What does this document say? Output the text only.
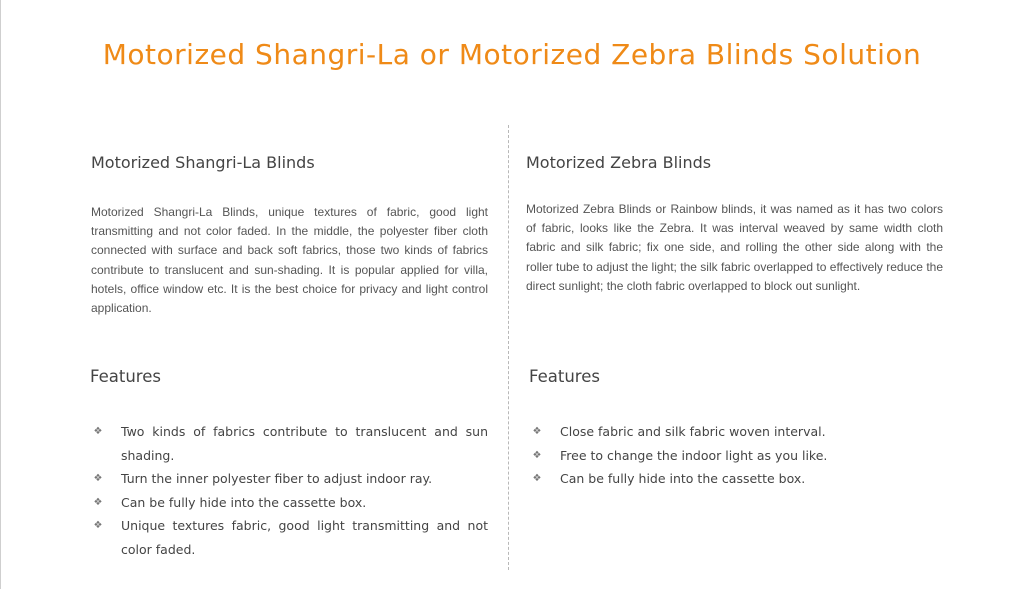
Motorized Shangri-La or Motorized Zebra Blinds Solution
Motorized Shangri-La Blinds

Motorized Shangri-La Blinds, unique textures of fabric, good light transmitting and not color faded. In the middle, the polyester fiber cloth connected with surface and back soft fabrics, those two kinds of fabrics contribute to translucent and sun-shading. It is popular applied for villa, hotels, office window etc. It is the best choice for privacy and light control application.

Features
❖ Two kinds of fabrics contribute to translucent and sun shading.
❖ Turn the inner polyester fiber to adjust indoor ray.
❖ Can be fully hide into the cassette box.
❖ Unique textures fabric, good light transmitting and not color faded.
Motorized Zebra Blinds

Motorized Zebra Blinds or Rainbow blinds, it was named as it has two colors of fabric, looks like the Zebra. It was interval weaved by same width cloth fabric and silk fabric; fix one side, and rolling the other side along with the roller tube to adjust the light; the silk fabric overlapped to effectively reduce the direct sunlight; the cloth fabric overlapped to block out sunlight.

Features
❖ Close fabric and silk fabric woven interval.
❖ Free to change the indoor light as you like.
❖ Can be fully hide into the cassette box.
